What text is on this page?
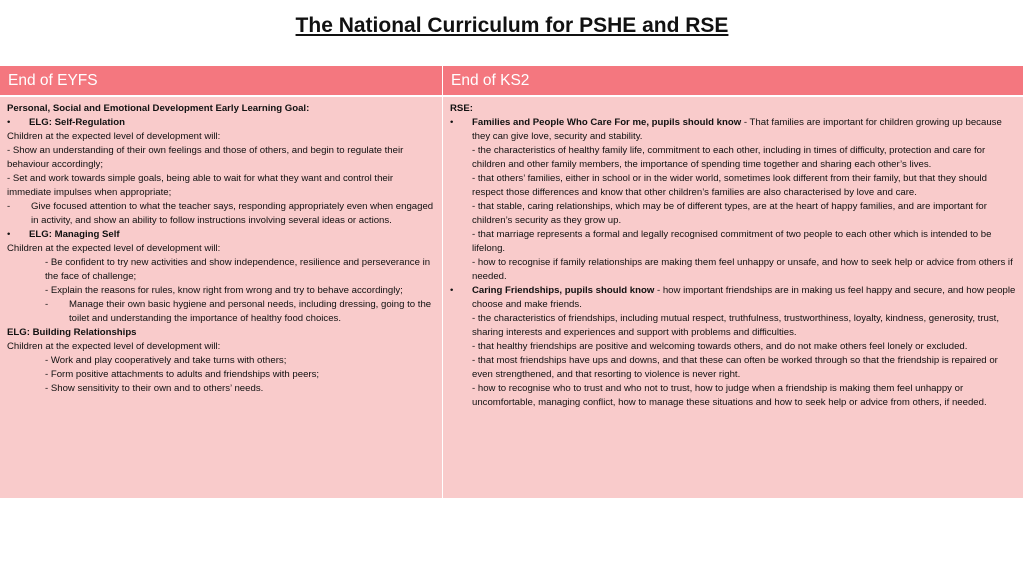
The National Curriculum for PSHE and RSE
End of EYFS	End of KS2

Personal, Social and Emotional Development Early Learning Goal:

•	ELG: Self-Regulation

Children at the expected level of development will:

- Show an understanding of their own feelings and those of others, and begin to regulate their behaviour accordingly;

- Set and work towards simple goals, being able to wait for what they want and control their immediate impulses when appropriate;

-	Give focused attention to what the teacher says, responding appropriately even when engaged in activity, and show an ability to follow instructions involving several ideas or actions.
•	ELG: Managing Self

Children at the expected level of development will:

- Be confident to try new activities and show independence, resilience and perseverance in the face of challenge;

- Explain the reasons for rules, know right from wrong and try to behave accordingly;

-	Manage their own basic hygiene and personal needs, including dressing, going to the toilet and understanding the importance of healthy food choices.

ELG: Building Relationships

Children at the expected level of development will:

- Work and play cooperatively and take turns with others;

- Form positive attachments to adults and friendships with peers;

- Show sensitivity to their own and to others’ needs.

RSE:

•	Families and People Who Care For me, pupils should know - That families are important for children growing up because they can give love, security and stability.

- the characteristics of healthy family life, commitment to each other, including in times of difficulty, protection and care for children and other family members, the importance of spending time together and sharing each other’s lives.

- that others’ families, either in school or in the wider world, sometimes look different from their family, but that they should respect those differences and know that other children’s families are also characterised by love and care.

- that stable, caring relationships, which may be of different types, are at the heart of happy families, and are important for children’s security as they grow up.

- that marriage represents a formal and legally recognised commitment of two people to each other which is intended to be lifelong.

- how to recognise if family relationships are making them feel unhappy or unsafe, and how to seek help or advice from others if needed.

•	Caring Friendships, pupils should know - how important friendships are in making us feel happy and secure, and how people choose and make friends.

- the characteristics of friendships, including mutual respect, truthfulness, trustworthiness, loyalty, kindness, generosity, trust, sharing interests and experiences and support with problems and difficulties.

- that healthy friendships are positive and welcoming towards others, and do not make others feel lonely or excluded.

- that most friendships have ups and downs, and that these can often be worked through so that the friendship is repaired or even strengthened, and that resorting to violence is never right.

- how to recognise who to trust and who not to trust, how to judge when a friendship is making them feel unhappy or uncomfortable, managing conflict, how to manage these situations and how to seek help or advice from others, if needed.
